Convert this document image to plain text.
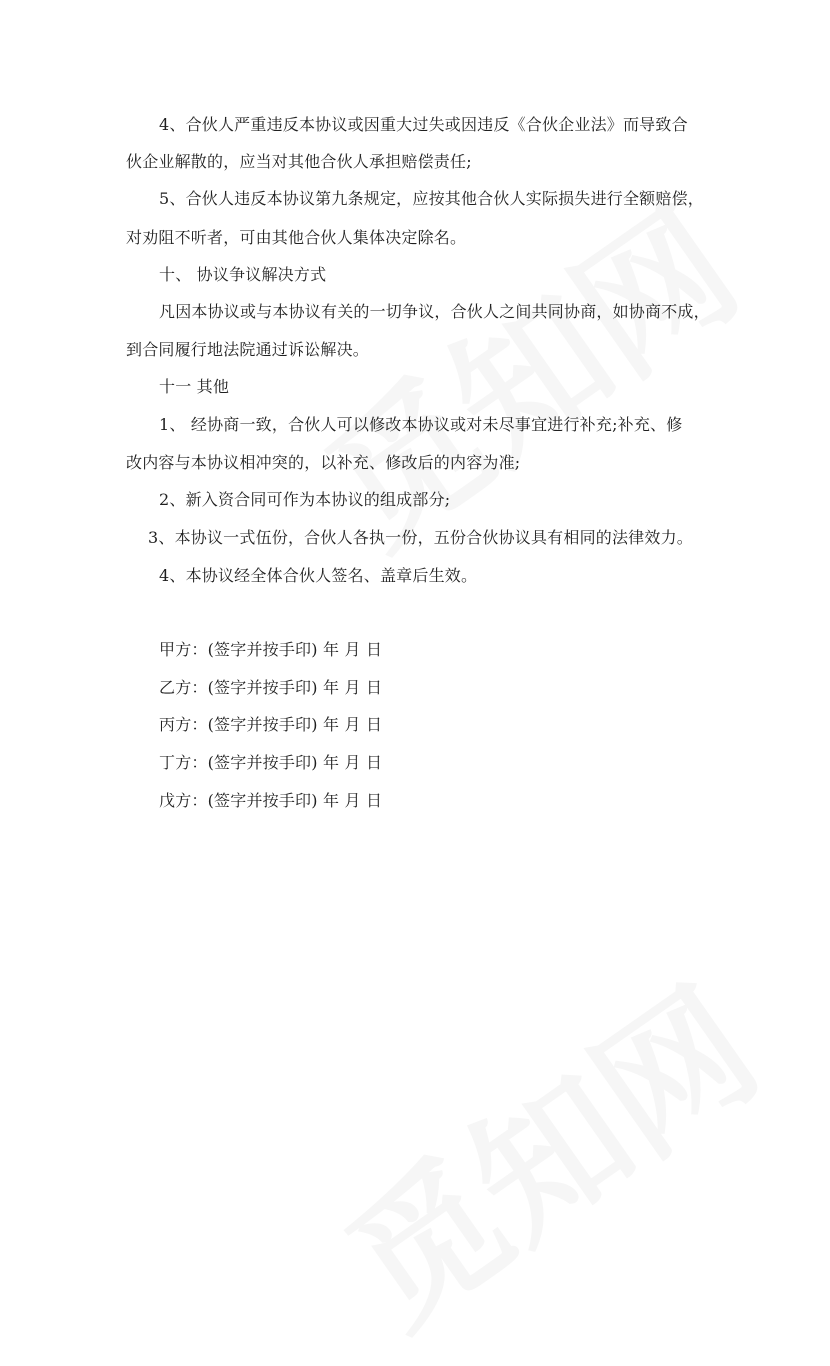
4、合伙人严重违反本协议或因重大过失或因违反《合伙企业法》而导致合
伙企业解散的，应当对其他合伙人承担赔偿责任;
5、合伙人违反本协议第九条规定，应按其他合伙人实际损失进行全额赔偿，
对劝阻不听者，可由其他合伙人集体决定除名。
十、 协议争议解决方式
凡因本协议或与本协议有关的一切争议，合伙人之间共同协商，如协商不成，
到合同履行地法院通过诉讼解决。
十一 其他
1、 经协商一致，合伙人可以修改本协议或对未尽事宜进行补充;补充、修
改内容与本协议相冲突的，以补充、修改后的内容为准;
2、新入资合同可作为本协议的组成部分;
3、本协议一式伍份，合伙人各执一份，五份合伙协议具有相同的法律效力。
4、本协议经全体合伙人签名、盖章后生效。
甲方：(签字并按手印) 年 月 日
乙方：(签字并按手印) 年 月 日
丙方：(签字并按手印) 年 月 日
丁方：(签字并按手印) 年 月 日
戊方：(签字并按手印) 年 月 日
